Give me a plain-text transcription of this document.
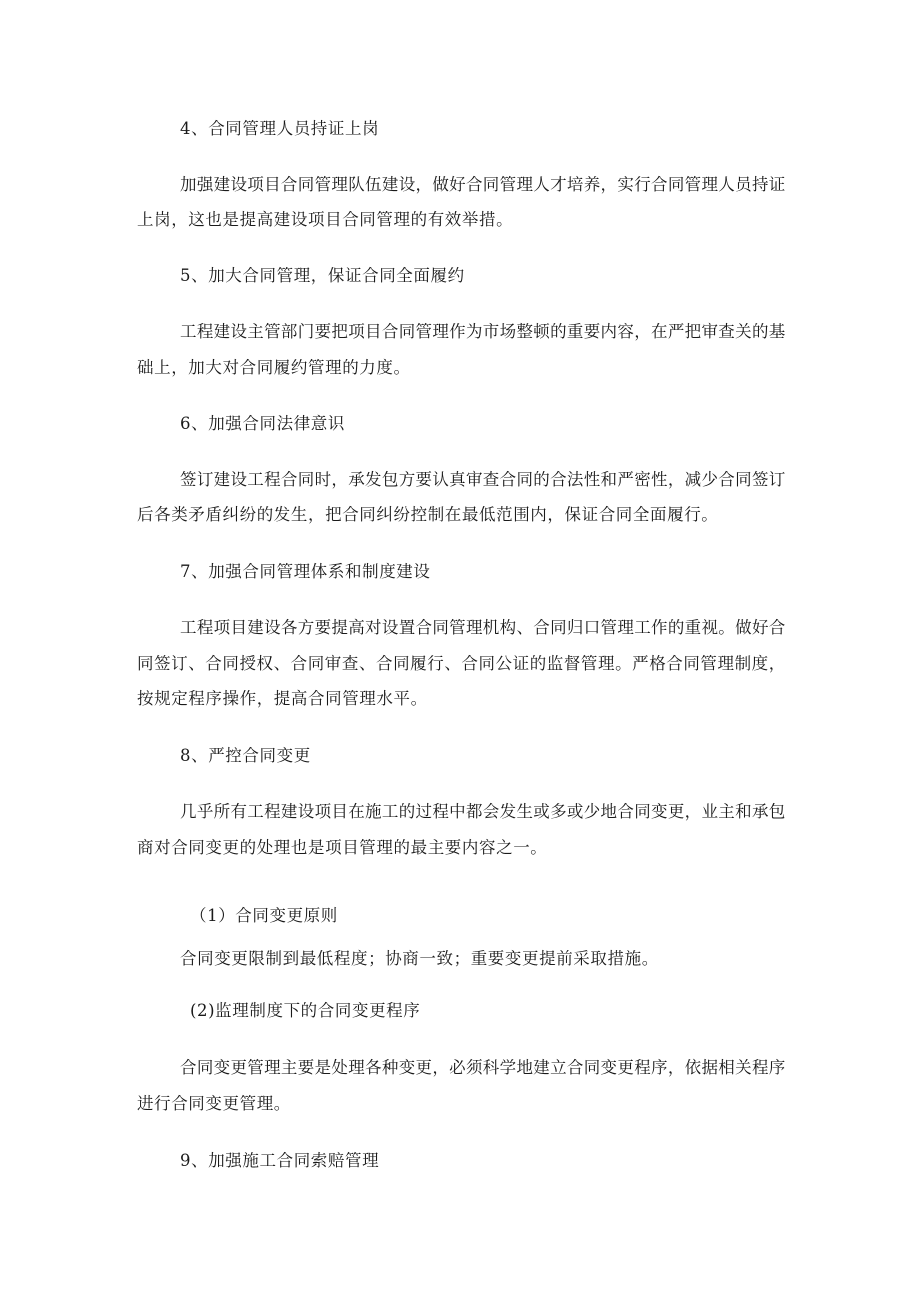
4、合同管理人员持证上岗
加强建设项目合同管理队伍建设，做好合同管理人才培养，实行合同管理人员持证
上岗，这也是提高建设项目合同管理的有效举措。
5、加大合同管理，保证合同全面履约
工程建设主管部门要把项目合同管理作为市场整顿的重要内容，在严把审查关的基
础上，加大对合同履约管理的力度。
6、加强合同法律意识
签订建设工程合同时，承发包方要认真审查合同的合法性和严密性，减少合同签订
后各类矛盾纠纷的发生，把合同纠纷控制在最低范围内，保证合同全面履行。
7、加强合同管理体系和制度建设
工程项目建设各方要提高对设置合同管理机构、合同归口管理工作的重视。做好合
同签订、合同授权、合同审查、合同履行、合同公证的监督管理。严格合同管理制度，
按规定程序操作，提高合同管理水平。
8、严控合同变更
几乎所有工程建设项目在施工的过程中都会发生或多或少地合同变更，业主和承包
商对合同变更的处理也是项目管理的最主要内容之一。
（1）合同变更原则
合同变更限制到最低程度；协商一致；重要变更提前采取措施。
(2)监理制度下的合同变更程序
合同变更管理主要是处理各种变更，必须科学地建立合同变更程序，依据相关程序
进行合同变更管理。
9、加强施工合同索赔管理
